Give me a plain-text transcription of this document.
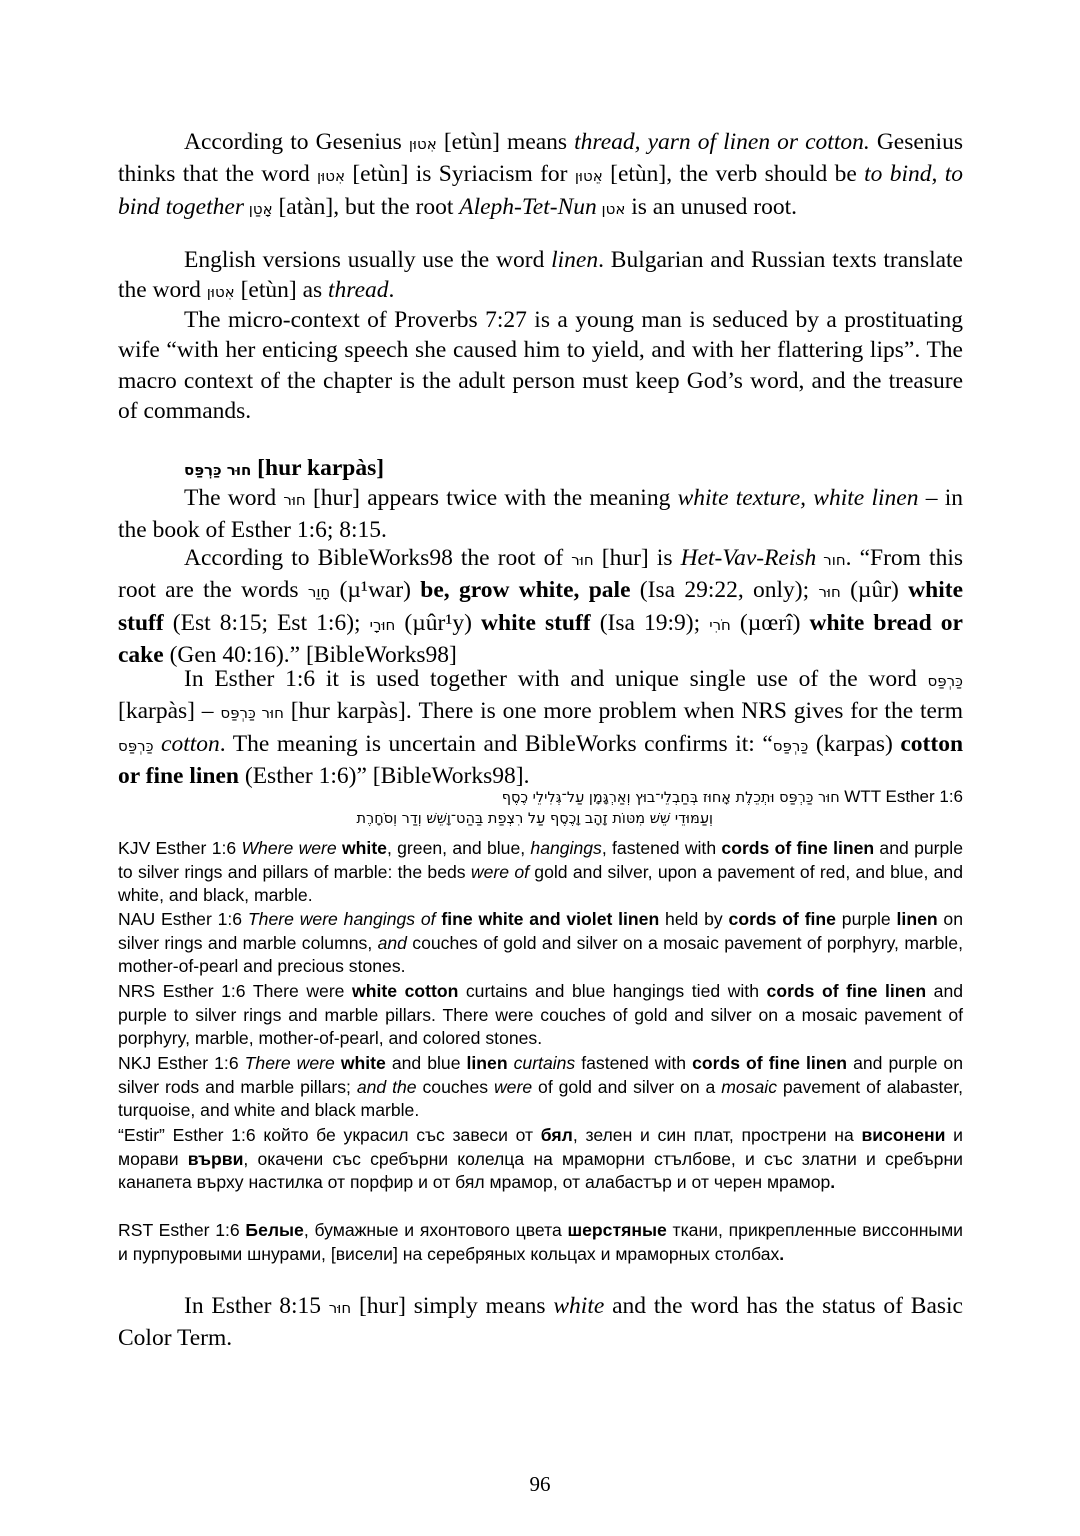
According to Gesenius אִטוּן [etùn] means thread, yarn of linen or cotton. Gesenius thinks that the word אִטוּן [etùn] is Syriacism for אֵטוּן [etùn], the verb should be to bind, to bind together אָטַן [atàn], but the root Aleph-Tet-Nun אטן is an unused root.

English versions usually use the word linen. Bulgarian and Russian texts translate the word אִטוּן [etùn] as thread.

The micro-context of Proverbs 7:27 is a young man is seduced by a prostituating wife “with her enticing speech she caused him to yield, and with her flattering lips”. The macro context of the chapter is the adult person must keep God’s word, and the treasure of commands.

חוּר כַּרְפַּס [hur karpàs]

The word חוּר [hur] appears twice with the meaning white texture, white linen – in the book of Esther 1:6; 8:15.

According to BibleWorks98 the root of חוּר [hur] is Het-Vav-Reish חור. “From this root are the words חָוַר (µ¹war) be, grow white, pale (Isa 29:22, only); חוּר (µûr) white stuff (Est 8:15; Est 1:6); חוּרָי (µûr¹y) white stuff (Isa 19:9); חֹרִי (µœrî) white bread or cake (Gen 40:16).” [BibleWorks98]

In Esther 1:6 it is used together with and unique single use of the word כַּרְפַּס [karpàs] – חוּר כַּרְפַּס [hur karpàs]. There is one more problem when NRS gives for the term כַּרְפַּס cotton. The meaning is uncertain and BibleWorks confirms it: “כַּרְפַּס (karpas) cotton or fine linen (Esther 1:6)” [BibleWorks98].

חוּר כַּרְפַּס וּתְכֵלֶת אָחוּז בְּחַבְלֵי־בוּץ וְאַרְגָּמָן עַל־גְּלִילֵי כֶסֶף WTT Esther 1:6
וְעַמּוּדֵי שֵׁשׁ מִטּוֹת זָהָב וָכֶסֶף עַל רִצְפַת בַּהַט־וָשֵׁשׁ וְדַר וְסֹחָרֶת

KJV Esther 1:6 Where were white, green, and blue, hangings, fastened with cords of fine linen and purple to silver rings and pillars of marble: the beds were of gold and silver, upon a pavement of red, and blue, and white, and black, marble.

NAU Esther 1:6 There were hangings of fine white and violet linen held by cords of fine purple linen on silver rings and marble columns, and couches of gold and silver on a mosaic pavement of porphyry, marble, mother-of-pearl and precious stones.

NRS Esther 1:6 There were white cotton curtains and blue hangings tied with cords of fine linen and purple to silver rings and marble pillars. There were couches of gold and silver on a mosaic pavement of porphyry, marble, mother-of-pearl, and colored stones.

NKJ Esther 1:6 There were white and blue linen curtains fastened with cords of fine linen and purple on silver rods and marble pillars; and the couches were of gold and silver on a mosaic pavement of alabaster, turquoise, and white and black marble.

“Estir” Esther 1:6 който бе украсил със завеси от бял, зелен и син плат, прострени на висонени и морави върви, окачени със сребърни колелца на мраморни стълбове, и със златни и сребърни канапета върху настилка от порфир и от бял мрамор, от алабастър и от черен мрамор.

RST Esther 1:6 Белые, бумажные и яхонтового цвета шерстяные ткани, прикрепленные виссонными и пурпуровыми шнурами, [висели] на серебряных кольцах и мраморных столбах.

In Esther 8:15 חוּר [hur] simply means white and the word has the status of Basic Color Term.

96
